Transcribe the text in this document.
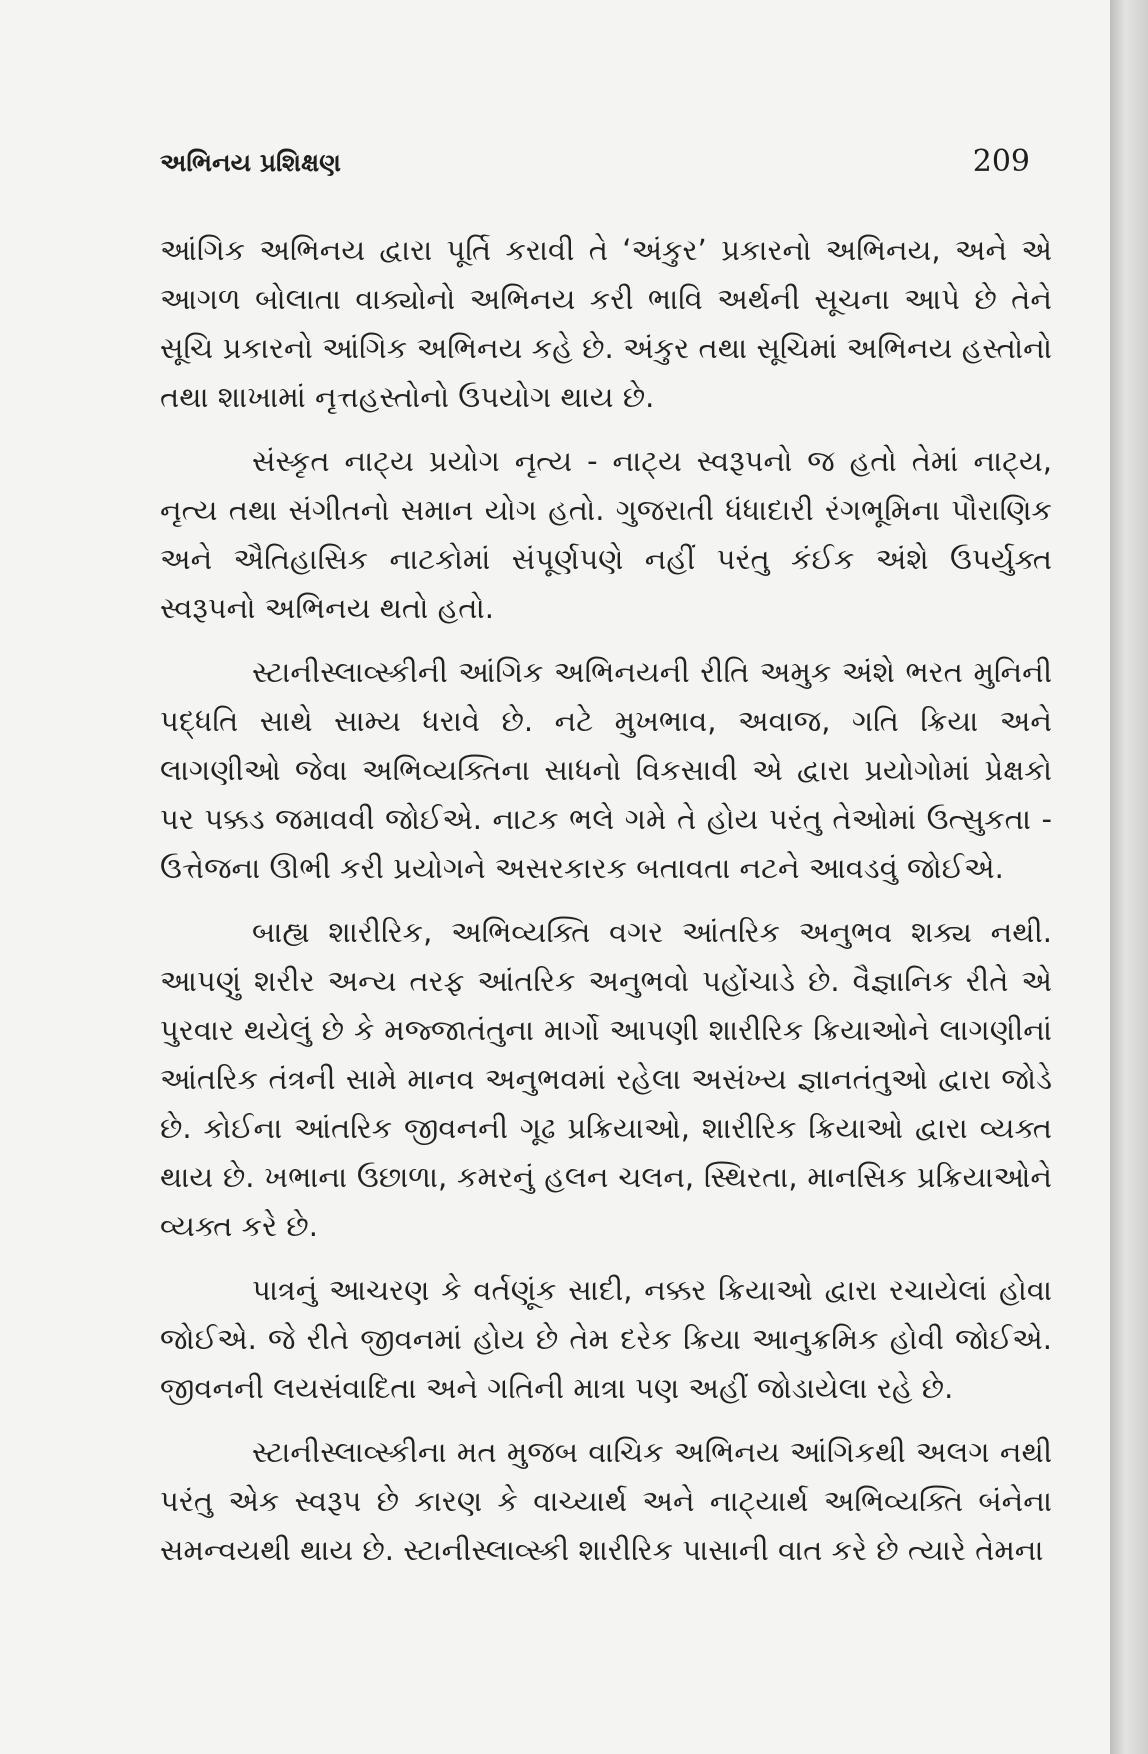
અભિનય પ્રશિક્ષણ	209

આંગિક અભિનય દ્વારા પૂર્તિ કરાવી તે ‘અંકુર’ પ્રકારનો અભિનય, અને એ આગળ બોલાતા વાક્યોનો અભિનય કરી ભાવિ અર્થની સૂચના આપે છે તેને સૂચિ પ્રકારનો આંગિક અભિનય કહે છે. અંકુર તથા સૂચિમાં અભિનય હસ્તોનો તથા શાખામાં નૃત્તહસ્તોનો ઉપયોગ થાય છે.

સંસ્કૃત નાટ્ય પ્રયોગ નૃત્ય - નાટ્ય સ્વરૂપનો જ હતો તેમાં નાટ્ય, નૃત્ય તથા સંગીતનો સમાન યોગ હતો. ગુજરાતી ધંધાદારી રંગભૂમિના પૌરાણિક અને ઐતિહાસિક નાટકોમાં સંપૂર્ણપણે નહીં પરંતુ કંઈક અંશે ઉપર્યુક્ત સ્વરૂપનો અભિનય થતો હતો.

સ્ટાનીસ્લાવ્સ્કીની આંગિક અભિનયની રીતિ અમુક અંશે ભરત મુનિની પદ્ધતિ સાથે સામ્ય ધરાવે છે. નટે મુખભાવ, અવાજ, ગતિ ક્રિયા અને લાગણીઓ જેવા અભિવ્યક્તિના સાધનો વિકસાવી એ દ્વારા પ્રયોગોમાં પ્રેક્ષકો પર પક્કડ જમાવવી જોઈએ. નાટક ભલે ગમે તે હોય પરંતુ તેઓમાં ઉત્સુકતા - ઉત્તેજના ઊભી કરી પ્રયોગને અસરકારક બતાવતા નટને આવડવું જોઈએ.

બાહ્ય શારીરિક, અભિવ્યક્તિ વગર આંતરિક અનુભવ શક્ય નથી. આપણું શરીર અન્ય તરફ આંતરિક અનુભવો પહોંચાડે છે. વૈજ્ઞાનિક રીતે એ પુરવાર થયેલું છે કે મજ્જાતંતુના માર્ગો આપણી શારીરિક ક્રિયાઓને લાગણીનાં આંતરિક તંત્રની સામે માનવ અનુભવમાં રહેલા અસંખ્ય જ્ઞાનતંતુઓ દ્વારા જોડે છે. કોઈના આંતરિક જીવનની ગૂઢ પ્રક્રિયાઓ, શારીરિક ક્રિયાઓ દ્વારા વ્યક્ત થાય છે. ખભાના ઉછાળા, કમરનું હલન ચલન, સ્થિરતા, માનસિક પ્રક્રિયાઓને વ્યક્ત કરે છે.

પાત્રનું આચરણ કે વર્તણૂંક સાદી, નક્કર ક્રિયાઓ દ્વારા રચાયેલાં હોવા જોઈએ. જે રીતે જીવનમાં હોય છે તેમ દરેક ક્રિયા આનુક્રમિક હોવી જોઈએ. જીવનની લયસંવાદિતા અને ગતિની માત્રા પણ અહીં જોડાયેલા રહે છે.

સ્ટાનીસ્લાવ્સ્કીના મત મુજબ વાચિક અભિનય આંગિકથી અલગ નથી પરંતુ એક સ્વરૂપ છે કારણ કે વાચ્યાર્થ અને નાટ્યાર્થ અભિવ્યક્તિ બંનેના સમન્વયથી થાય છે. સ્ટાનીસ્લાવ્સ્કી શારીરિક પાસાની વાત કરે છે ત્યારે તેમના
